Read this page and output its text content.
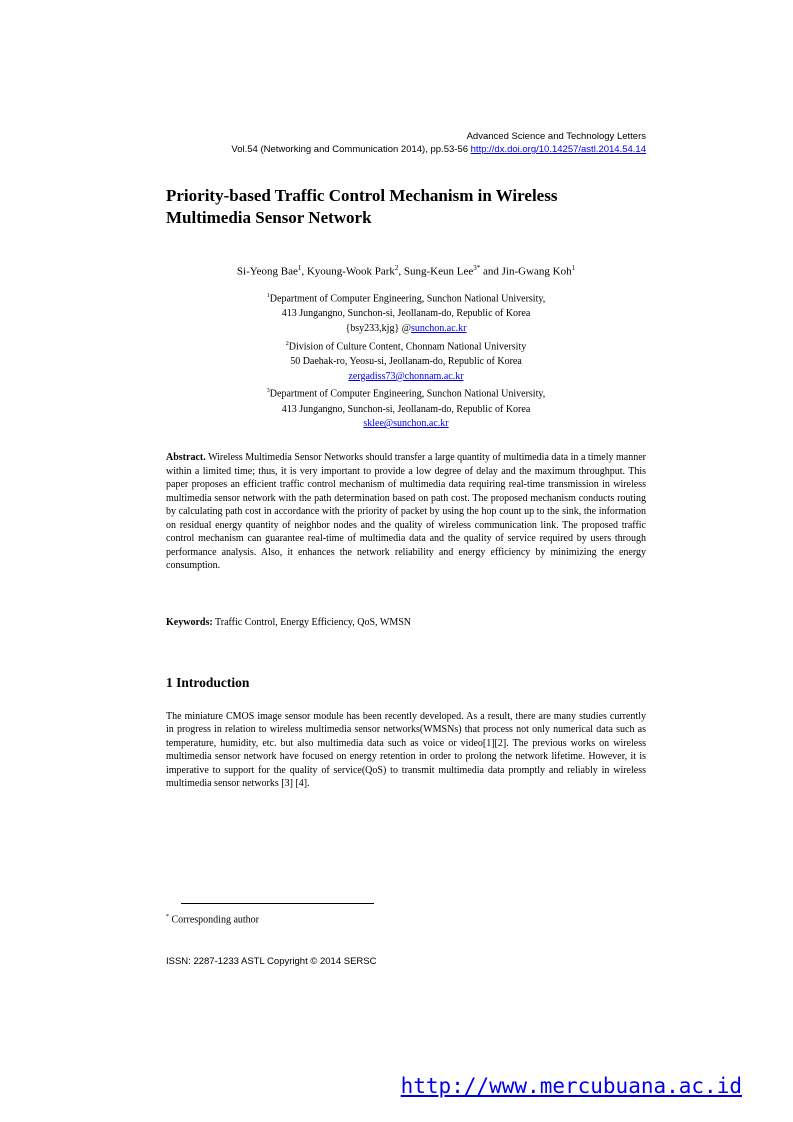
Advanced Science and Technology Letters
Vol.54 (Networking and Communication 2014), pp.53-56 http://dx.doi.org/10.14257/astl.2014.54.14
Priority-based Traffic Control Mechanism in Wireless Multimedia Sensor Network
Si-Yeong Bae$^1$, Kyoung-Wook Park$^2$, Sung-Keun Lee$^{3*}$ and Jin-Gwang Koh$^1$
$^1$Department of Computer Engineering, Sunchon National University,
413 Jungangno, Sunchon-si, Jeollanam-do, Republic of Korea
{bsy233,kjg} @sunchon.ac.kr
$^2$Division of Culture Content, Chonnam National University
50 Daehak-ro, Yeosu-si, Jeollanam-do, Republic of Korea
zergadiss73@chonnam.ac.kr
$^3$Department of Computer Engineering, Sunchon National University,
413 Jungangno, Sunchon-si, Jeollanam-do, Republic of Korea
sklee@sunchon.ac.kr

Abstract. Wireless Multimedia Sensor Networks should transfer a large quantity of multimedia data in a timely manner within a limited time; thus, it is very important to provide a low degree of delay and the maximum throughput. This paper proposes an efficient traffic control mechanism of multimedia data requiring real-time transmission in wireless multimedia sensor network with the path determination based on path cost. The proposed mechanism conducts routing by calculating path cost in accordance with the priority of packet by using the hop count up to the sink, the information on residual energy quantity of neighbor nodes and the quality of wireless communication link. The proposed traffic control mechanism can guarantee real-time of multimedia data and the quality of service required by users through performance analysis. Also, it enhances the network reliability and energy efficiency by minimizing the energy consumption.

Keywords: Traffic Control, Energy Efficiency, QoS, WMSN

1 Introduction

The miniature CMOS image sensor module has been recently developed. As a result, there are many studies currently in progress in relation to wireless multimedia sensor networks(WMSNs) that process not only numerical data such as temperature, humidity, etc. but also multimedia data such as voice or video[1][2]. The previous works on wireless multimedia sensor network have focused on energy retention in order to prolong the network lifetime. However, it is imperative to support for the quality of service(QoS) to transmit multimedia data promptly and reliably in wireless multimedia sensor networks [3] [4].

* Corresponding author
ISSN: 2287-1233 ASTL Copyright © 2014 SERSC
http://www.mercubuana.ac.id
